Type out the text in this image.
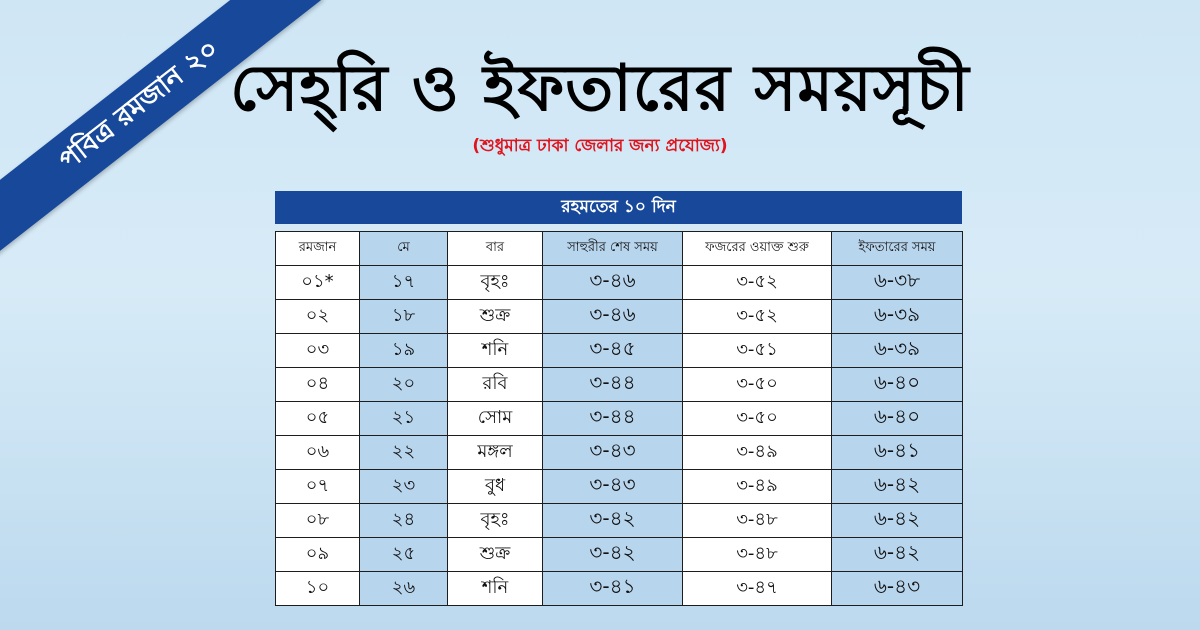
পবিত্র রমজান ২০ সেহ্‌রি ও ইফতারের সময়সূচী
(শুধুমাত্র ঢাকা জেলার জন্য প্রযোজ্য)
রহমতের ১০ দিন
রমজান	মে	বার	সাহুরীর শেষ সময়	ফজরের ওয়াক্ত শুরু	ইফতারের সময়
০১*	১৭	বৃহঃ	৩-৪৬	৩-৫২	৬-৩৮
০২	১৮	শুক্র	৩-৪৬	৩-৫২	৬-৩৯
০৩	১৯	শনি	৩-৪৫	৩-৫১	৬-৩৯
০৪	২০	রবি	৩-৪৪	৩-৫০	৬-৪০
০৫	২১	সোম	৩-৪৪	৩-৫০	৬-৪০
০৬	২২	মঙ্গল	৩-৪৩	৩-৪৯	৬-৪১
০৭	২৩	বুধ	৩-৪৩	৩-৪৯	৬-৪২
০৮	২৪	বৃহঃ	৩-৪২	৩-৪৮	৬-৪২
০৯	২৫	শুক্র	৩-৪২	৩-৪৮	৬-৪২
১০	২৬	শনি	৩-৪১	৩-৪৭	৬-৪৩
